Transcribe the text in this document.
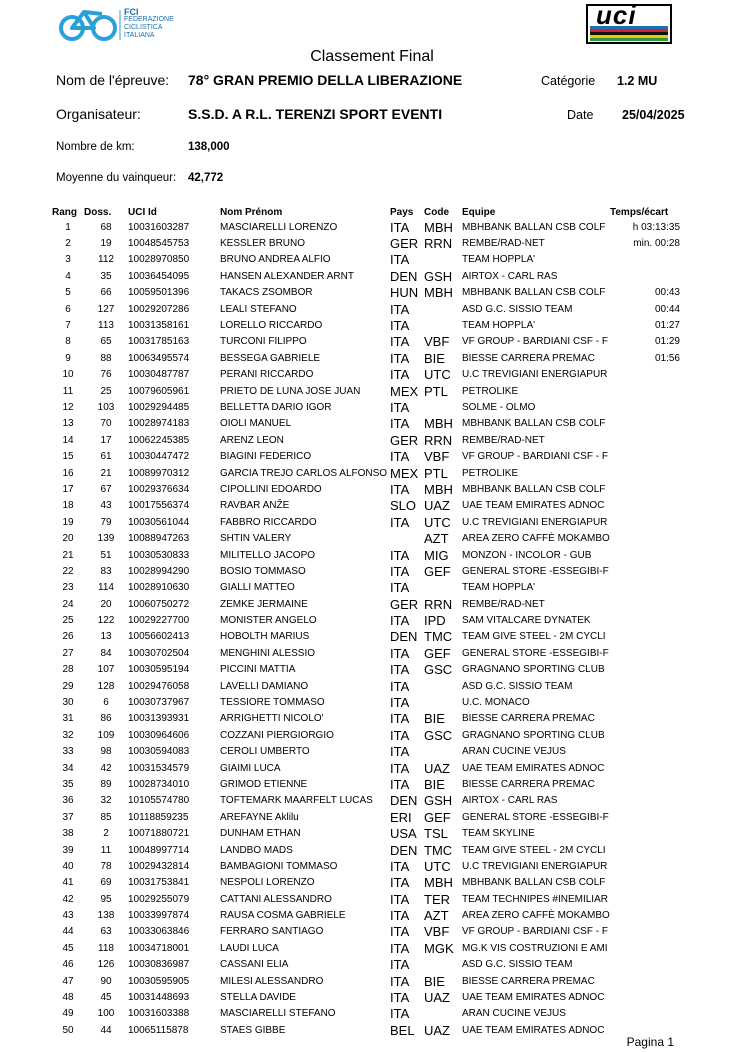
FCI
FEDERAZIONE
CICLISTICA
ITALIANA
uci
Classement Final
Nom de l'épreuve: 78° GRAN PREMIO DELLA LIBERAZIONE	Catégorie 1.2 MU
Organisateur:	S.S.D. A R.L. TERENZI SPORT EVENTI	Date 25/04/2025
Nombre de km:	138,000
Moyenne du vainqueur: 42,772
Rang	Doss.	UCI Id	Nom Prénom	Pays	Code	Equipe	Temps/écart
1	68	10031603287	MASCIARELLI LORENZO	ITA	MBH	MBHBANK BALLAN CSB COLF	h 03:13:35
2	19	10048545753	KESSLER BRUNO	GER	RRN	REMBE/RAD-NET	min. 00:28
3	112	10028970850	BRUNO ANDREA ALFIO	ITA		TEAM HOPPLA'	
4	35	10036454095	HANSEN ALEXANDER ARNT	DEN	GSH	AIRTOX - CARL RAS	
5	66	10059501396	TAKACS ZSOMBOR	HUN	MBH	MBHBANK BALLAN CSB COLF	00:43
6	127	10029207286	LEALI STEFANO	ITA		ASD G.C. SISSIO TEAM	00:44
7	113	10031358161	LORELLO RICCARDO	ITA		TEAM HOPPLA'	01:27
8	65	10031785163	TURCONI FILIPPO	ITA	VBF	VF GROUP - BARDIANI CSF - F	01:29
9	88	10063495574	BESSEGA GABRIELE	ITA	BIE	BIESSE CARRERA PREMAC	01:56
10	76	10030487787	PERANI RICCARDO	ITA	UTC	U.C TREVIGIANI ENERGIAPUR	
11	25	10079605961	PRIETO DE LUNA JOSE JUAN	MEX	PTL	PETROLIKE	
12	103	10029294485	BELLETTA DARIO IGOR	ITA		SOLME - OLMO	
13	70	10028974183	OIOLI MANUEL	ITA	MBH	MBHBANK BALLAN CSB COLF	
14	17	10062245385	ARENZ LEON	GER	RRN	REMBE/RAD-NET	
15	61	10030447472	BIAGINI FEDERICO	ITA	VBF	VF GROUP - BARDIANI CSF - F	
16	21	10089970312	GARCIA TREJO CARLOS ALFONSO	MEX	PTL	PETROLIKE	
17	67	10029376634	CIPOLLINI EDOARDO	ITA	MBH	MBHBANK BALLAN CSB COLF	
18	43	10017556374	RAVBAR ANŽE	SLO	UAZ	UAE TEAM EMIRATES ADNOC	
19	79	10030561044	FABBRO RICCARDO	ITA	UTC	U.C TREVIGIANI ENERGIAPUR	
20	139	10088947263	SHTIN VALERY		AZT	AREA ZERO CAFFÈ MOKAMBO	
21	51	10030530833	MILITELLO JACOPO	ITA	MIG	MONZON - INCOLOR - GUB	
22	83	10028994290	BOSIO TOMMASO	ITA	GEF	GENERAL STORE -ESSEGIBI-F	
23	114	10028910630	GIALLI MATTEO	ITA		TEAM HOPPLA'	
24	20	10060750272	ZEMKE JERMAINE	GER	RRN	REMBE/RAD-NET	
25	122	10029227700	MONISTER ANGELO	ITA	IPD	SAM VITALCARE DYNATEK	
26	13	10056602413	HOBOLTH MARIUS	DEN	TMC	TEAM GIVE STEEL - 2M CYCLI	
27	84	10030702504	MENGHINI ALESSIO	ITA	GEF	GENERAL STORE -ESSEGIBI-F	
28	107	10030595194	PICCINI MATTIA	ITA	GSC	GRAGNANO SPORTING CLUB	
29	128	10029476058	LAVELLI DAMIANO	ITA		ASD G.C. SISSIO TEAM	
30	6	10030737967	TESSIORE TOMMASO	ITA		U.C. MONACO	
31	86	10031393931	ARRIGHETTI NICOLO'	ITA	BIE	BIESSE CARRERA PREMAC	
32	109	10030964606	COZZANI PIERGIORGIO	ITA	GSC	GRAGNANO SPORTING CLUB	
33	98	10030594083	CEROLI UMBERTO	ITA		ARAN CUCINE VEJUS	
34	42	10031534579	GIAIMI LUCA	ITA	UAZ	UAE TEAM EMIRATES ADNOC	
35	89	10028734010	GRIMOD ETIENNE	ITA	BIE	BIESSE CARRERA PREMAC	
36	32	10105574780	TOFTEMARK MAARFELT LUCAS	DEN	GSH	AIRTOX - CARL RAS	
37	85	10118859235	AREFAYNE Aklilu	ERI	GEF	GENERAL STORE -ESSEGIBI-F	
38	2	10071880721	DUNHAM ETHAN	USA	TSL	TEAM SKYLINE	
39	11	10048997714	LANDBO MADS	DEN	TMC	TEAM GIVE STEEL - 2M CYCLI	
40	78	10029432814	BAMBAGIONI TOMMASO	ITA	UTC	U.C TREVIGIANI ENERGIAPUR	
41	69	10031753841	NESPOLI LORENZO	ITA	MBH	MBHBANK BALLAN CSB COLF	
42	95	10029255079	CATTANI ALESSANDRO	ITA	TER	TEAM TECHNIPES #INEMILIAR	
43	138	10033997874	RAUSA COSMA GABRIELE	ITA	AZT	AREA ZERO CAFFÈ MOKAMBO	
44	63	10033063846	FERRARO SANTIAGO	ITA	VBF	VF GROUP - BARDIANI CSF - F	
45	118	10034718001	LAUDI LUCA	ITA	MGK	MG.K VIS COSTRUZIONI E AMI	
46	126	10030836987	CASSANI ELIA	ITA		ASD G.C. SISSIO TEAM	
47	90	10030595905	MILESI ALESSANDRO	ITA	BIE	BIESSE CARRERA PREMAC	
48	45	10031448693	STELLA DAVIDE	ITA	UAZ	UAE TEAM EMIRATES ADNOC	
49	100	10031603388	MASCIARELLI STEFANO	ITA		ARAN CUCINE VEJUS	
50	44	10065115878	STAES GIBBE	BEL	UAZ	UAE TEAM EMIRATES ADNOC	
Pagina 1
